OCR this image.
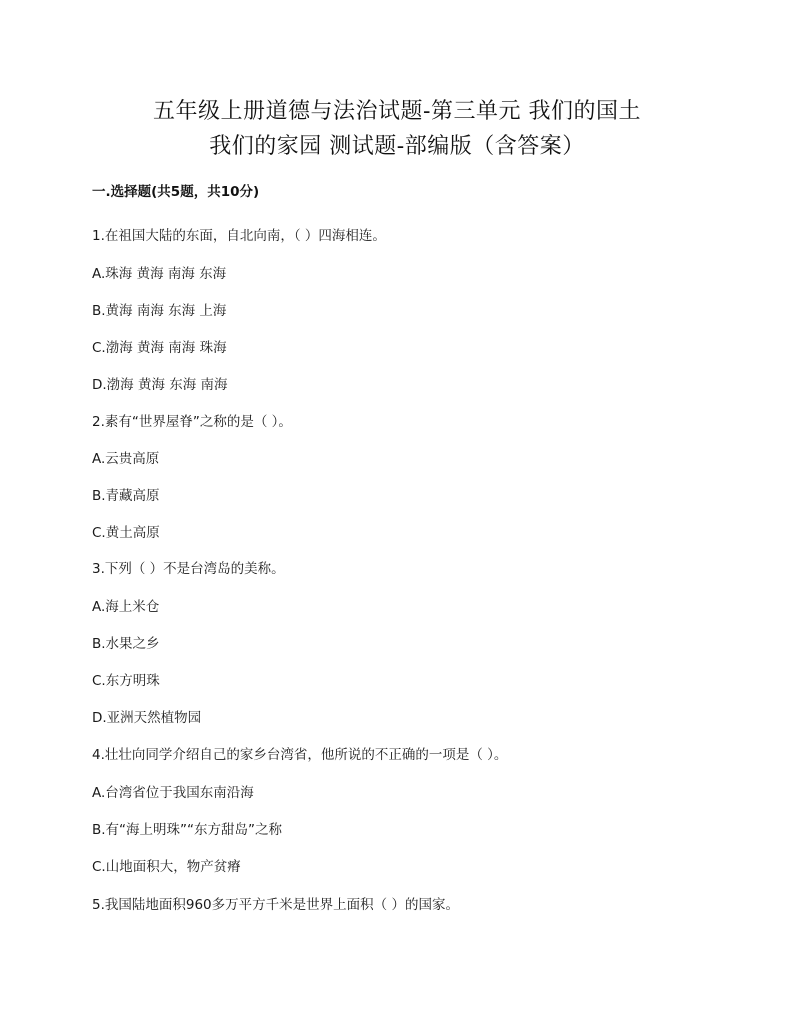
五年级上册道德与法治试题-第三单元 我们的国土
我们的家园 测试题-部编版（含答案）
一.选择题(共5题，共10分)
1.在祖国大陆的东面，自北向南，（ ）四海相连。
A.珠海 黄海 南海 东海
B.黄海 南海 东海 上海
C.渤海 黄海 南海 珠海
D.渤海 黄海 东海 南海
2.素有“世界屋脊”之称的是（ ）。
A.云贵高原
B.青藏高原
C.黄土高原
3.下列（ ）不是台湾岛的美称。
A.海上米仓
B.水果之乡
C.东方明珠
D.亚洲天然植物园
4.壮壮向同学介绍自己的家乡台湾省，他所说的不正确的一项是（ ）。
A.台湾省位于我国东南沿海
B.有“海上明珠”“东方甜岛”之称
C.山地面积大，物产贫瘠
5.我国陆地面积960多万平方千米是世界上面积（ ）的国家。
